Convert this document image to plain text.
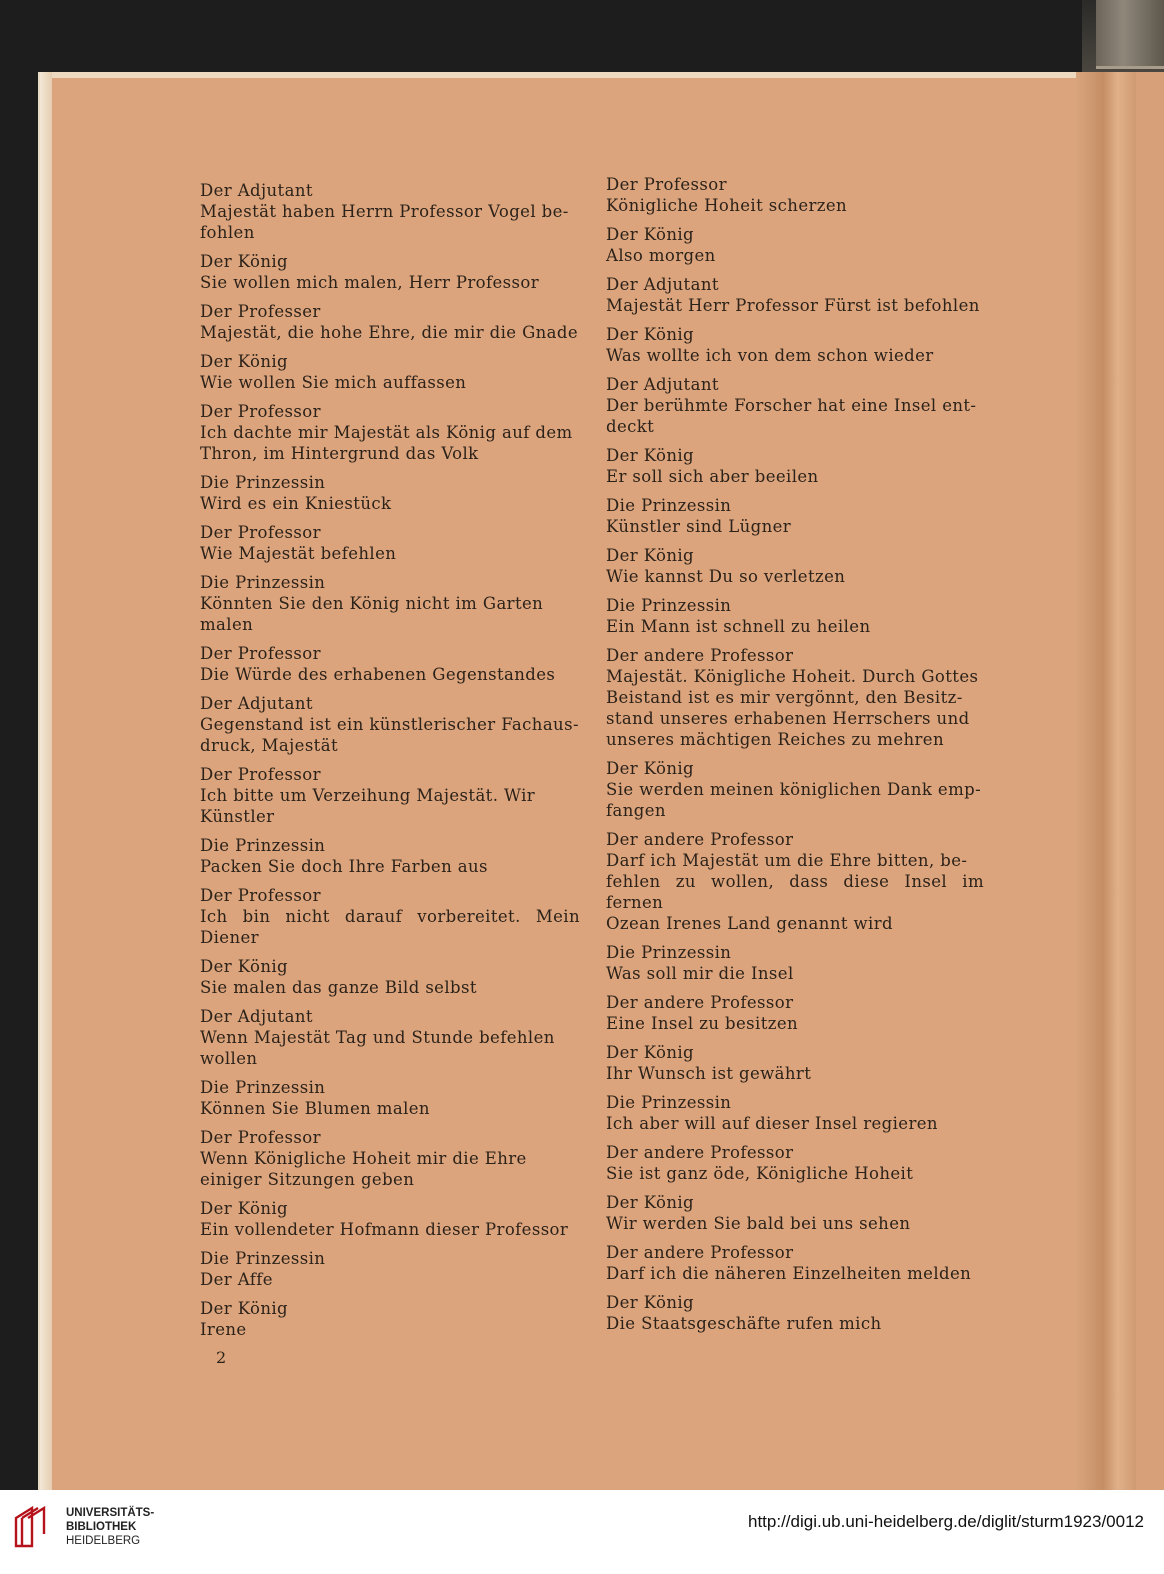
Der Adjutant
Majestät haben Herrn Professor Vogel be-
fohlen
Der König
Sie wollen mich malen, Herr Professor
Der Professer
Majestät, die hohe Ehre, die mir die Gnade
Der König
Wie wollen Sie mich auffassen
Der Professor
Ich dachte mir Majestät als König auf dem
Thron, im Hintergrund das Volk
Die Prinzessin
Wird es ein Kniestück
Der Professor
Wie Majestät befehlen
Die Prinzessin
Könnten Sie den König nicht im Garten
malen
Der Professor
Die Würde des erhabenen Gegenstandes
Der Adjutant
Gegenstand ist ein künstlerischer Fachaus-
druck, Majestät
Der Professor
Ich bitte um Verzeihung Majestät. Wir
Künstler
Die Prinzessin
Packen Sie doch Ihre Farben aus
Der Professor
Ich bin nicht darauf vorbereitet. Mein Diener
Der König
Sie malen das ganze Bild selbst
Der Adjutant
Wenn Majestät Tag und Stunde befehlen
wollen
Die Prinzessin
Können Sie Blumen malen
Der Professor
Wenn Königliche Hoheit mir die Ehre
einiger Sitzungen geben
Der König
Ein vollendeter Hofmann dieser Professor
Die Prinzessin
Der Affe
Der König
Irene
Der Professor
Königliche Hoheit scherzen
Der König
Also morgen
Der Adjutant
Majestät Herr Professor Fürst ist befohlen
Der König
Was wollte ich von dem schon wieder
Der Adjutant
Der berühmte Forscher hat eine Insel ent-
deckt
Der König
Er soll sich aber beeilen
Die Prinzessin
Künstler sind Lügner
Der König
Wie kannst Du so verletzen
Die Prinzessin
Ein Mann ist schnell zu heilen
Der andere Professor
Majestät. Königliche Hoheit. Durch Gottes
Beistand ist es mir vergönnt, den Besitz-
stand unseres erhabenen Herrschers und
unseres mächtigen Reiches zu mehren
Der König
Sie werden meinen königlichen Dank emp-
fangen
Der andere Professor
Darf ich Majestät um die Ehre bitten, be-
fehlen zu wollen, dass diese Insel im fernen
Ozean Irenes Land genannt wird
Die Prinzessin
Was soll mir die Insel
Der andere Professor
Eine Insel zu besitzen
Der König
Ihr Wunsch ist gewährt
Die Prinzessin
Ich aber will auf dieser Insel regieren
Der andere Professor
Sie ist ganz öde, Königliche Hoheit
Der König
Wir werden Sie bald bei uns sehen
Der andere Professor
Darf ich die näheren Einzelheiten melden
Der König
Die Staatsgeschäfte rufen mich
2
UNIVERSITÄTS-
BIBLIOTHEK
HEIDELBERG
http://digi.ub.uni-heidelberg.de/diglit/sturm1923/0012
